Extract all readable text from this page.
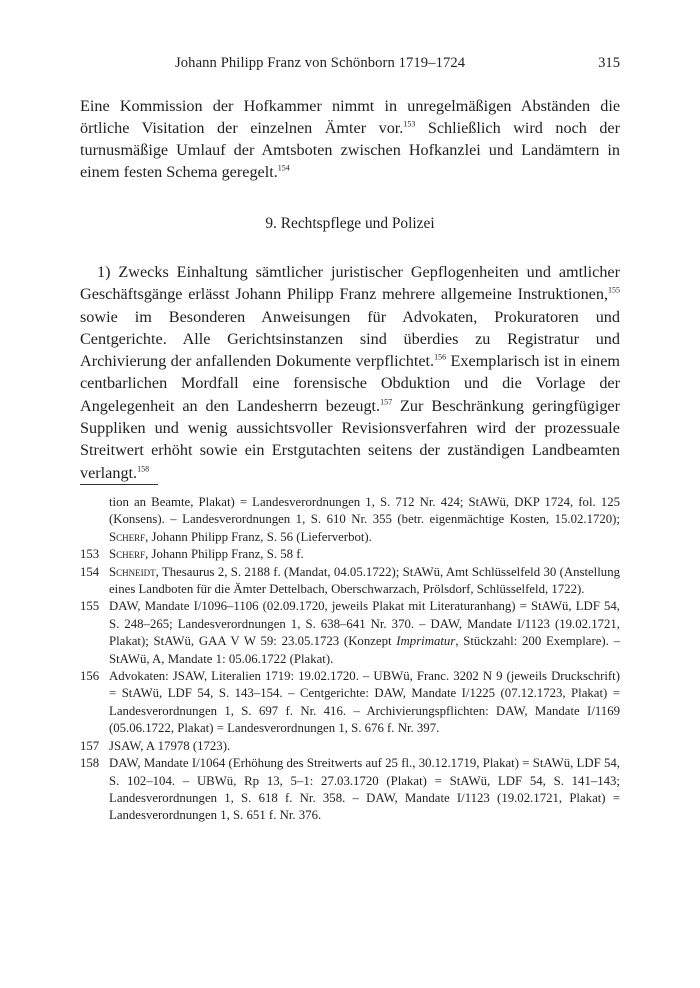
Johann Philipp Franz von Schönborn 1719–1724	315

Eine Kommission der Hofkammer nimmt in unregelmäßigen Abständen die örtliche Visitation der einzelnen Ämter vor.$^{153}$ Schließlich wird noch der turnusmäßige Umlauf der Amtsboten zwischen Hofkanzlei und Landämtern in einem festen Schema geregelt.$^{154}$

9. Rechtspflege und Polizei

1) Zwecks Einhaltung sämtlicher juristischer Gepflogenheiten und amtlicher Geschäftsgänge erlässt Johann Philipp Franz mehrere allgemeine Instruktionen,$^{155}$ sowie im Besonderen Anweisungen für Advokaten, Prokuratoren und Centgerichte. Alle Gerichtsinstanzen sind überdies zu Registratur und Archivierung der anfallenden Dokumente verpflichtet.$^{156}$ Exemplarisch ist in einem centbarlichen Mordfall eine forensische Obduktion und die Vorlage der Angelegenheit an den Landesherrn bezeugt.$^{157}$ Zur Beschränkung geringfügiger Suppliken und wenig aussichtsvoller Revisionsverfahren wird der prozessuale Streitwert erhöht sowie ein Erstgutachten seitens der zuständigen Landbeamten verlangt.$^{158}$

tion an Beamte, Plakat) = Landesverordnungen 1, S. 712 Nr. 424; StAWü, DKP 1724, fol. 125 (Konsens). – Landesverordnungen 1, S. 610 Nr. 355 (betr. eigenmächtige Kosten, 15.02.1720); Scherf, Johann Philipp Franz, S. 56 (Lieferverbot).

153 Scherf, Johann Philipp Franz, S. 58 f.
154 Schneidt, Thesaurus 2, S. 2188 f. (Mandat, 04.05.1722); StAWü, Amt Schlüsselfeld 30 (Anstellung eines Landboten für die Ämter Dettelbach, Oberschwarzach, Prölsdorf, Schlüsselfeld, 1722).
155 DAW, Mandate I/1096–1106 (02.09.1720, jeweils Plakat mit Literaturanhang) = StAWü, LDF 54, S. 248–265; Landesverordnungen 1, S. 638–641 Nr. 370. – DAW, Mandate I/1123 (19.02.1721, Plakat); StAWü, GAA V W 59: 23.05.1723 (Konzept Imprimatur, Stückzahl: 200 Exemplare). – StAWü, A, Mandate 1: 05.06.1722 (Plakat).
156 Advokaten: JSAW, Literalien 1719: 19.02.1720. – UBWü, Franc. 3202 N 9 (jeweils Druckschrift) = StAWü, LDF 54, S. 143–154. – Centgerichte: DAW, Mandate I/1225 (07.12.1723, Plakat) = Landesverordnungen 1, S. 697 f. Nr. 416. – Archivierungspflichten: DAW, Mandate I/1169 (05.06.1722, Plakat) = Landesverordnungen 1, S. 676 f. Nr. 397.
157 JSAW, A 17978 (1723).
158 DAW, Mandate I/1064 (Erhöhung des Streitwerts auf 25 fl., 30.12.1719, Plakat) = StAWü, LDF 54, S. 102–104. – UBWü, Rp 13, 5–1: 27.03.1720 (Plakat) = StAWü, LDF 54, S. 141–143; Landesverordnungen 1, S. 618 f. Nr. 358. – DAW, Mandate I/1123 (19.02.1721, Plakat) = Landesverordnungen 1, S. 651 f. Nr. 376.
